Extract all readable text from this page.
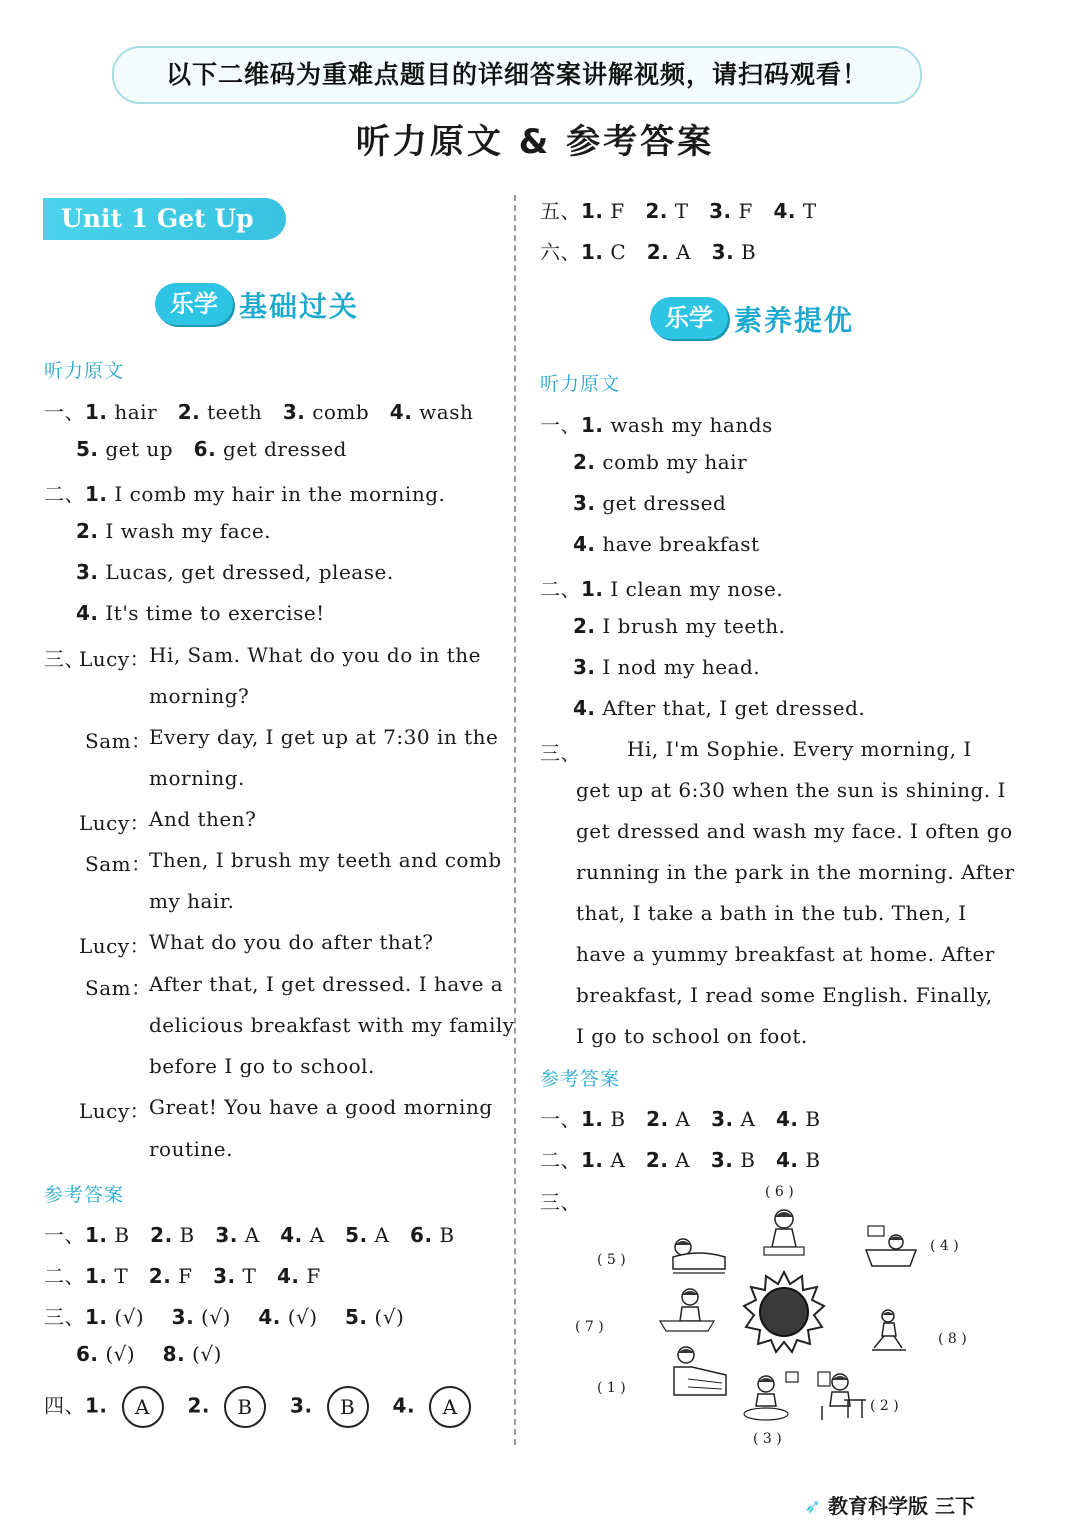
以下二维码为重难点题目的详细答案讲解视频，请扫码观看！
听力原文 & 参考答案
Unit 1 Get Up
乐学 基础过关
听力原文
一、1. hair 2. teeth 3. comb 4. wash
5. get up 6. get dressed
二、1. I comb my hair in the morning.
2. I wash my face.
3. Lucas, get dressed, please.
4. It's time to exercise!
三、
Lucy：
Hi, Sam. What do you do in the
morning?
Sam：
Every day, I get up at 7:30 in the
morning.
Lucy：
And then?
Sam：
Then, I brush my teeth and comb
my hair.
Lucy：
What do you do after that?
Sam：
After that, I get dressed. I have a
delicious breakfast with my family
before I go to school.
Lucy：
Great! You have a good morning
routine.
参考答案
一、1. B 2. B 3. A 4. A 5. A 6. B
二、1. T 2. F 3. T 4. F
三、1. (√) 3. (√) 4. (√) 5. (√)
6. (√) 8. (√)
四、1. A 2. B 3. B 4. A
五、1. F 2. T 3. F 4. T
六、1. C 2. A 3. B
乐学 素养提优
听力原文
一、1. wash my hands
2. comb my hair
3. get dressed
4. have breakfast
二、1. I clean my nose.
2. I brush my teeth.
3. I nod my head.
4. After that, I get dressed.
三、 Hi, I'm Sophie. Every morning, I
get up at 6:30 when the sun is shining. I
get dressed and wash my face. I often go
running in the park in the morning. After
that, I take a bath in the tub. Then, I
have a yummy breakfast at home. After
breakfast, I read some English. Finally,
I go to school on foot.
参考答案
一、1. B 2. A 3. A 4. B
二、1. A 2. A 3. B 4. B
三、	( 6 )
( 5 )
( 4 )
( 7 )
( 8 )
( 1 )
( 2 )
( 3 )
➶ 教育科学版 三下
